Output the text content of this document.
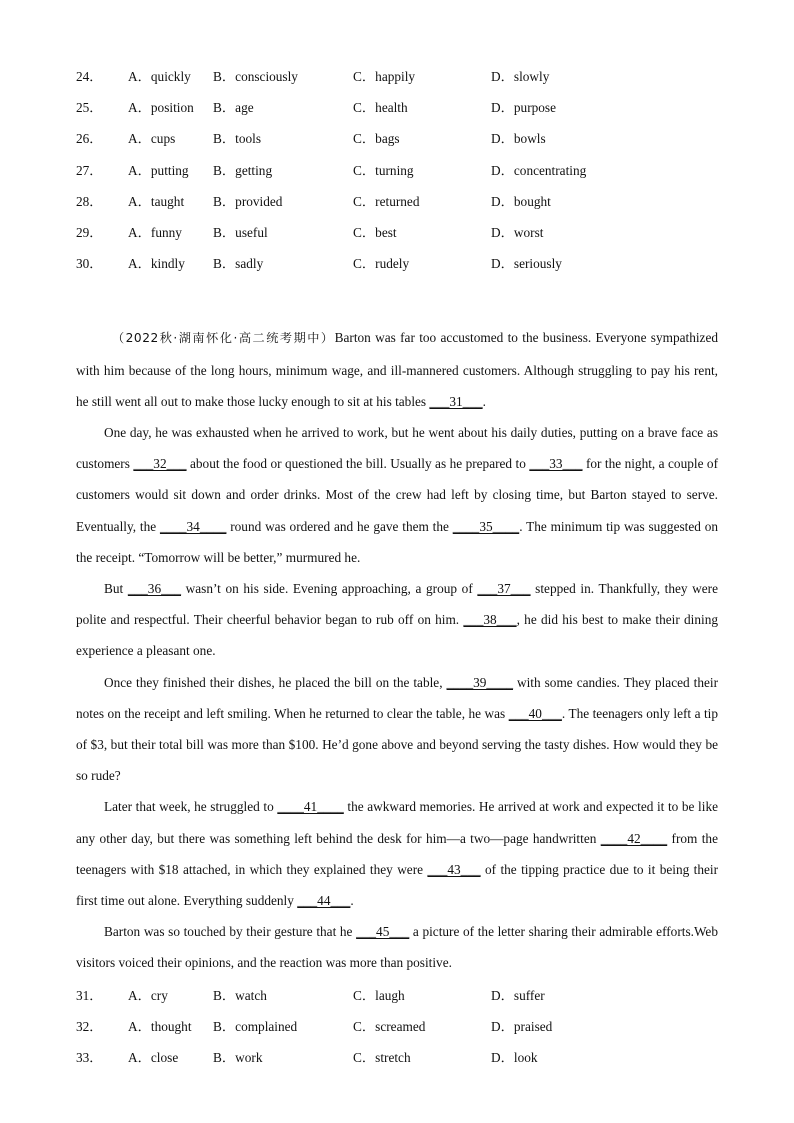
24．	A．quickly	B．consciously	C．happily	D．slowly
25．	A．position	B．age	C．health	D．purpose
26．	A．cups	B．tools	C．bags	D．bowls
27．	A．putting	B．getting	C．turning	D．concentrating
28．	A．taught	B．provided	C．returned	D．bought
29．	A．funny	B．useful	C．best	D．worst
30．	A．kindly	B．sadly	C．rudely	D．seriously

（2022秋·湖南怀化·高二统考期中）Barton was far too accustomed to the business. Everyone sympathized with him because of the long hours, minimum wage, and ill-mannered customers. Although struggling to pay his rent, he still went all out to make those lucky enough to sit at his tables ___31___.

One day, he was exhausted when he arrived to work, but he went about his daily duties, putting on a brave face as customers ___32___ about the food or questioned the bill. Usually as he prepared to ___33___ for the night, a couple of customers would sit down and order drinks. Most of the crew had left by closing time, but Barton stayed to serve. Eventually, the ____34____ round was ordered and he gave them the ____35____. The minimum tip was suggested on the receipt. “Tomorrow will be better,” murmured he.

But ___36___ wasn’t on his side. Evening approaching, a group of ___37___ stepped in. Thankfully, they were polite and respectful. Their cheerful behavior began to rub off on him. ___38___, he did his best to make their dining experience a pleasant one.

Once they finished their dishes, he placed the bill on the table, ____39____ with some candies. They placed their notes on the receipt and left smiling. When he returned to clear the table, he was ___40___. The teenagers only left a tip of $3, but their total bill was more than $100. He’d gone above and beyond serving the tasty dishes. How would they be so rude?

Later that week, he struggled to ____41____ the awkward memories. He arrived at work and expected it to be like any other day, but there was something left behind the desk for him—a two—page handwritten ____42____ from the teenagers with $18 attached, in which they explained they were ___43___ of the tipping practice due to it being their first time out alone. Everything suddenly ___44___.

Barton was so touched by their gesture that he ___45___ a picture of the letter sharing their admirable efforts.Web visitors voiced their opinions, and the reaction was more than positive.

31．	A．cry	B．watch	C．laugh	D．suffer
32．	A．thought	B．complained	C．screamed	D．praised
33．	A．close	B．work	C．stretch	D．look
